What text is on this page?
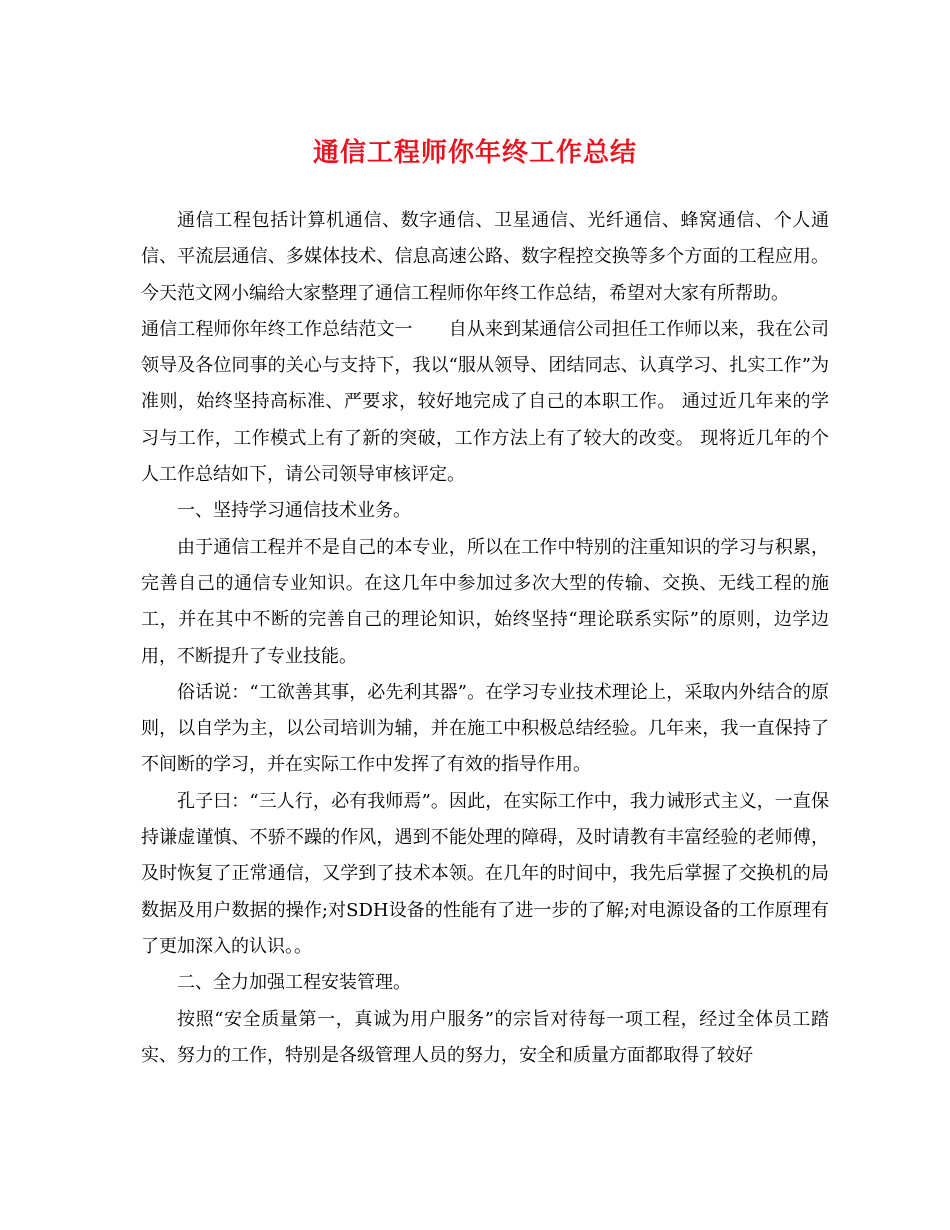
通信工程师你年终工作总结

通信工程包括计算机通信、数字通信、卫星通信、光纤通信、蜂窝通信、个人通信、平流层通信、多媒体技术、信息高速公路、数字程控交换等多个方面的工程应用。今天范文网小编给大家整理了通信工程师你年终工作总结，希望对大家有所帮助。

通信工程师你年终工作总结范文一 自从来到某通信公司担任工作师以来，我在公司领导及各位同事的关心与支持下，我以“服从领导、团结同志、认真学习、扎实工作”为准则，始终坚持高标准、严要求，较好地完成了自己的本职工作。 通过近几年来的学习与工作，工作模式上有了新的突破，工作方法上有了较大的改变。 现将近几年的个人工作总结如下，请公司领导审核评定。

一、坚持学习通信技术业务。

由于通信工程并不是自己的本专业，所以在工作中特别的注重知识的学习与积累，完善自己的通信专业知识。在这几年中参加过多次大型的传输、交换、无线工程的施工，并在其中不断的完善自己的理论知识，始终坚持“理论联系实际”的原则，边学边用，不断提升了专业技能。

俗话说：“工欲善其事，必先利其器”。在学习专业技术理论上，采取内外结合的原则，以自学为主，以公司培训为辅，并在施工中积极总结经验。几年来，我一直保持了不间断的学习，并在实际工作中发挥了有效的指导作用。

孔子曰：“三人行，必有我师焉”。因此，在实际工作中，我力诫形式主义，一直保持谦虚谨慎、不骄不躁的作风，遇到不能处理的障碍，及时请教有丰富经验的老师傅，及时恢复了正常通信，又学到了技术本领。在几年的时间中，我先后掌握了交换机的局数据及用户数据的操作;对SDH设备的性能有了进一步的了解;对电源设备的工作原理有了更加深入的认识。。

二、全力加强工程安装管理。

按照“安全质量第一，真诚为用户服务”的宗旨对待每一项工程，经过全体员工踏实、努力的工作，特别是各级管理人员的努力，安全和质量方面都取得了较好
